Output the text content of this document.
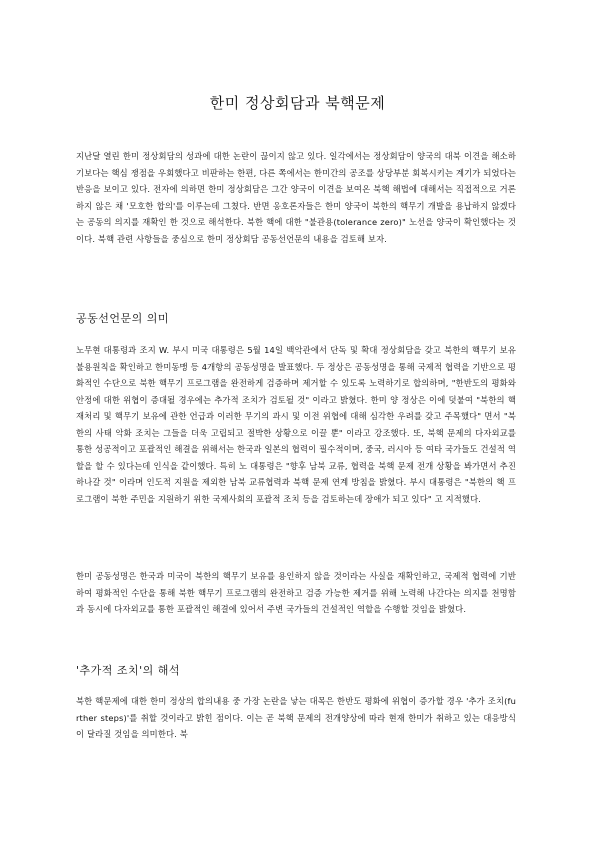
한미 정상회담과 북핵문제

지난달 열린 한미 정상회담의 성과에 대한 논란이 끊이지 않고 있다. 일각에서는 정상회담이 양국의 대북 이견을 해소하기보다는 핵심 쟁점을 우회했다고 비판하는 한편, 다른 쪽에서는 한미간의 공조를 상당부분 회복시키는 계기가 되었다는 반응을 보이고 있다. 전자에 의하면 한미 정상회담은 그간 양국이 이견을 보여온 북핵 해법에 대해서는 직접적으로 거론하지 않은 채 '모호한 합의'를 이루는데 그쳤다. 반면 옹호론자들은 한미 양국이 북한의 핵무기 개발을 용납하지 않겠다는 공동의 의지를 재확인 한 것으로 해석한다. 북한 핵에 대한 "불관용(tolerance zero)" 노선을 양국이 확인했다는 것이다. 북핵 관련 사항들을 중심으로 한미 정상회담 공동선언문의 내용을 검토해 보자.

공동선언문의 의미

노무현 대통령과 조지 W. 부시 미국 대통령은 5월 14일 백악관에서 단독 및 확대 정상회담을 갖고 북한의 핵무기 보유 불용원칙을 확인하고 한미동맹 등 4개항의 공동성명을 발표했다. 두 정상은 공동성명을 통해 국제적 협력을 기반으로 평화적인 수단으로 북한 핵무기 프로그램을 완전하게 검증하며 제거할 수 있도록 노력하기로 합의하며, "한반도의 평화와 안정에 대한 위협이 증대될 경우에는 추가적 조치가 검토될 것" 이라고 밝혔다. 한미 양 정상은 이에 덧붙여 "북한의 핵 재처리 및 핵무기 보유에 관한 언급과 이러한 무기의 과시 및 이전 위협에 대해 심각한 우려를 갖고 주목했다" 면서 "북한의 사태 악화 조치는 그들을 더욱 고립되고 절박한 상황으로 이끌 뿐" 이라고 강조했다. 또, 북핵 문제의 다자외교를 통한 성공적이고 포괄적인 해결을 위해서는 한국과 일본의 협력이 필수적이며, 중국, 러시아 등 여타 국가들도 건설적 역할을 할 수 있다는데 인식을 같이했다. 특히 노 대통령은 "향후 남북 교류, 협력을 북핵 문제 전개 상황을 봐가면서 추진하나갈 것" 이라며 인도적 지원을 제외한 남북 교류협력과 북핵 문제 연계 방침을 밝혔다. 부시 대통령은 "북한의 핵 프로그램이 북한 주민을 지원하기 위한 국제사회의 포괄적 조치 등을 검토하는데 장애가 되고 있다" 고 지적했다.

한미 공동성명은 한국과 미국이 북한의 핵무기 보유를 용인하지 않을 것이라는 사실을 재확인하고, 국제적 협력에 기반하여 평화적인 수단을 통해 북한 핵무기 프로그램의 완전하고 검증 가능한 제거를 위해 노력해 나간다는 의지를 천명함과 동시에 다자외교를 통한 포괄적인 해결에 있어서 주변 국가들의 건설적인 역할을 수행할 것임을 밝혔다.

'추가적 조치'의 해석

북한 핵문제에 대한 한미 정상의 합의내용 중 가장 논란을 낳는 대목은 한반도 평화에 위협이 증가할 경우 '추가 조치(further steps)'를 취할 것이라고 밝힌 점이다. 이는 곧 북핵 문제의 전개양상에 따라 현재 한미가 취하고 있는 대응방식이 달라질 것임을 의미한다. 북
